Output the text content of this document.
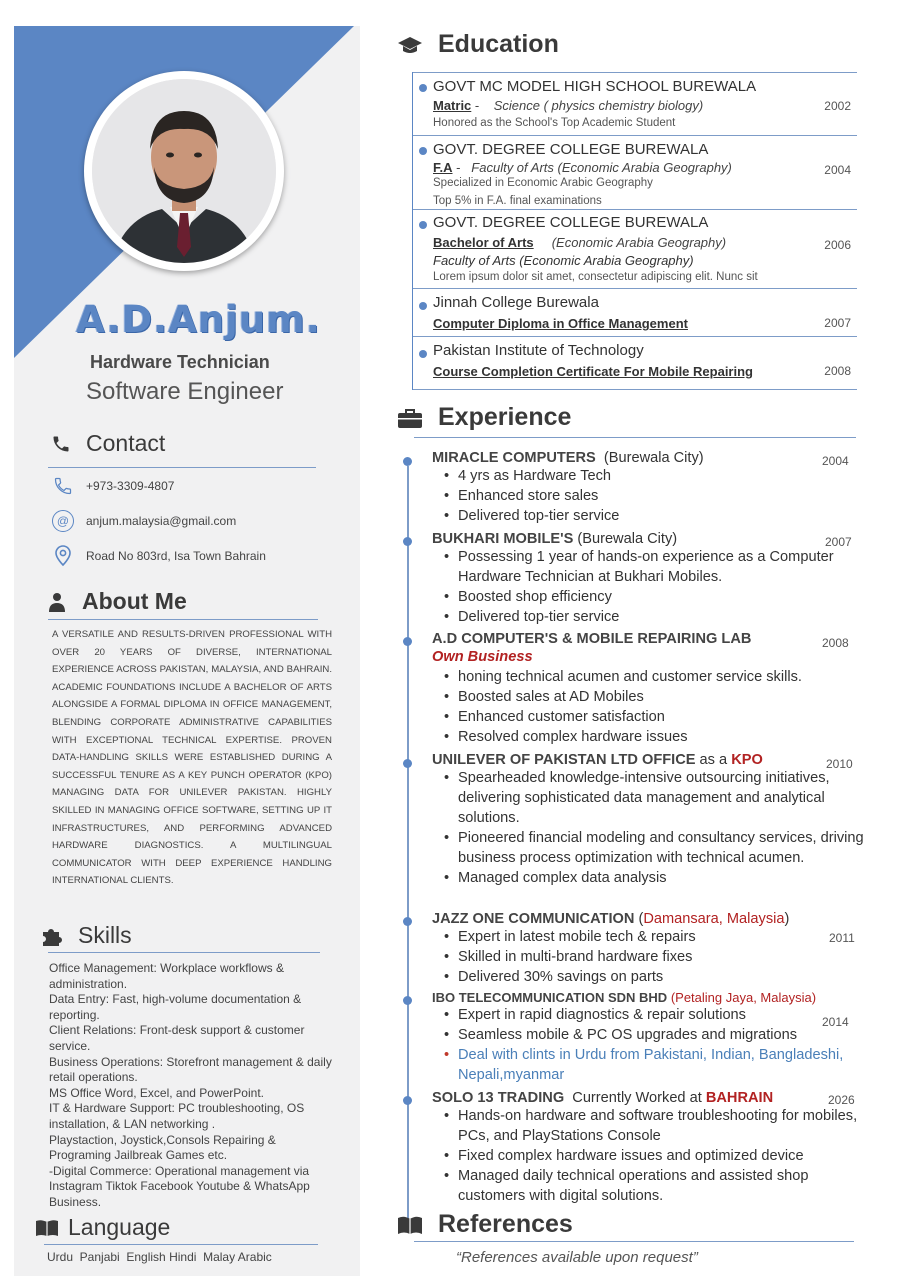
A.D.Anjum.
Hardware Technician
Software Engineer
Contact
+973-3309-4807
@	anjum.malaysia@gmail.com
Road No 803rd, Isa Town Bahrain
About Me
A VERSATILE AND RESULTS-DRIVEN PROFESSIONAL WITH OVER 20 YEARS OF DIVERSE, INTERNATIONAL EXPERIENCE ACROSS PAKISTAN, MALAYSIA, AND BAHRAIN. ACADEMIC FOUNDATIONS INCLUDE A BACHELOR OF ARTS ALONGSIDE A FORMAL DIPLOMA IN OFFICE MANAGEMENT, BLENDING CORPORATE ADMINISTRATIVE CAPABILITIES WITH EXCEPTIONAL TECHNICAL EXPERTISE. PROVEN DATA-HANDLING SKILLS WERE ESTABLISHED DURING A SUCCESSFUL TENURE AS A KEY PUNCH OPERATOR (KPO) MANAGING DATA FOR UNILEVER PAKISTAN. HIGHLY SKILLED IN MANAGING OFFICE SOFTWARE, SETTING UP IT INFRASTRUCTURES, AND PERFORMING ADVANCED HARDWARE DIAGNOSTICS. A MULTILINGUAL COMMUNICATOR WITH DEEP EXPERIENCE HANDLING INTERNATIONAL CLIENTS.
Skills
Office Management: Workplace workflows & administration.
Data Entry: Fast, high-volume documentation & reporting.
Client Relations: Front-desk support & customer service.
Business Operations: Storefront management & daily retail operations.
MS Office Word, Excel, and PowerPoint.
IT & Hardware Support: PC troubleshooting, OS installation, & LAN networking .
Playstaction, Joystick,Consols Repairing & Programing Jailbreak Games etc.
-Digital Commerce: Operational management via Instagram Tiktok Facebook Youtube & WhatsApp Business.
Language
Urdu  Panjabi  English Hindi  Malay Arabic
Education
GOVT MC MODEL HIGH SCHOOL BUREWALA
Matric - Science ( physics chemistry biology)
Honored as the School's Top Academic Student
2002
GOVT. DEGREE COLLEGE BUREWALA
F.A - Faculty of Arts (Economic Arabia Geography)
Specialized in Economic Arabic Geography
Top 5% in F.A. final examinations
2004
GOVT. DEGREE COLLEGE BUREWALA
Bachelor of Arts (Economic Arabia Geography)
Faculty of Arts (Economic Arabia Geography)
Lorem ipsum dolor sit amet, consectetur adipiscing elit. Nunc sit
2006
Jinnah College Burewala
Computer Diploma in Office Management	2007
Pakistan Institute of Technology
Course Completion Certificate For Mobile Repairing	2008
Experience
MIRACLE COMPUTERS (Burewala City)	2004
• 4 yrs as Hardware Tech
• Enhanced store sales
• Delivered top-tier service
BUKHARI MOBILE'S (Burewala City)	2007
• Possessing 1 year of hands-on experience as a Computer Hardware Technician at Bukhari Mobiles.
• Boosted shop efficiency
• Delivered top-tier service
A.D COMPUTER'S & MOBILE REPAIRING LAB
Own Business
2008
• honing technical acumen and customer service skills.
• Boosted sales at AD Mobiles
• Enhanced customer satisfaction
• Resolved complex hardware issues
UNILEVER OF PAKISTAN LTD OFFICE as a KPO	2010
• Spearheaded knowledge-intensive outsourcing initiatives, delivering sophisticated data management and analytical solutions.
• Pioneered financial modeling and consultancy services, driving business process optimization with technical acumen.
• Managed complex data analysis
JAZZ ONE COMMUNICATION (Damansara, Malaysia)
2011
• Expert in latest mobile tech & repairs
• Skilled in multi-brand hardware fixes
• Delivered 30% savings on parts
IBO TELECOMMUNICATION SDN BHD (Petaling Jaya, Malaysia)
2014
• Expert in rapid diagnostics & repair solutions
• Seamless mobile & PC OS upgrades and migrations
• Deal with clints in Urdu from Pakistani, Indian, Bangladeshi, Nepali,myanmar
SOLO 13 TRADING Currently Worked at BAHRAIN	2026
• Hands-on hardware and software troubleshooting for mobiles, PCs, and PlayStations Console
• Fixed complex hardware issues and optimized device
• Managed daily technical operations and assisted shop customers with digital solutions.
References
“References available upon request”
